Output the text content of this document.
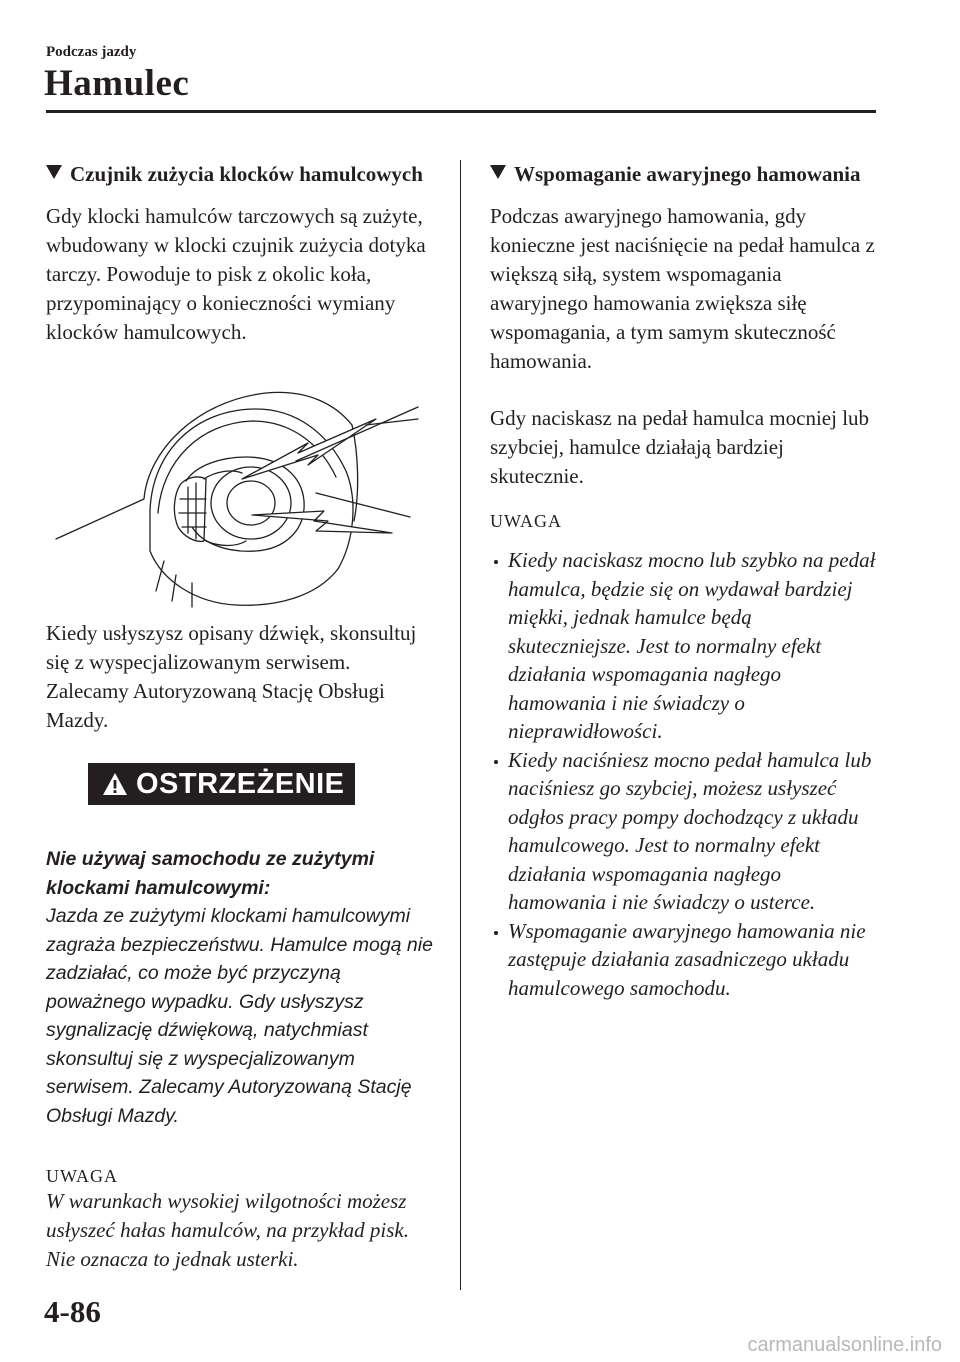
Podczas jazdy
Hamulec
Czujnik zużycia klocków hamulcowych

Gdy klocki hamulców tarczowych są zużyte, wbudowany w klocki czujnik zużycia dotyka tarczy. Powoduje to pisk z okolic koła, przypominający o konieczności wymiany klocków hamulcowych.

Kiedy usłyszysz opisany dźwięk, skonsultuj się z wyspecjalizowanym serwisem. Zalecamy Autoryzowaną Stację Obsługi Mazdy.

OSTRZEŻENIE

Nie używaj samochodu ze zużytymi klockami hamulcowymi:

Jazda ze zużytymi klockami hamulcowymi zagraża bezpieczeństwu. Hamulce mogą nie zadziałać, co może być przyczyną poważnego wypadku. Gdy usłyszysz sygnalizację dźwiękową, natychmiast skonsultuj się z wyspecjalizowanym serwisem. Zalecamy Autoryzowaną Stację Obsługi Mazdy.

UWAGA

W warunkach wysokiej wilgotności możesz usłyszeć hałas hamulców, na przykład pisk. Nie oznacza to jednak usterki.

Wspomaganie awaryjnego hamowania

Podczas awaryjnego hamowania, gdy konieczne jest naciśnięcie na pedał hamulca z większą siłą, system wspomagania awaryjnego hamowania zwiększa siłę wspomagania, a tym samym skuteczność hamowania.

Gdy naciskasz na pedał hamulca mocniej lub szybciej, hamulce działają bardziej skutecznie.

UWAGA

Kiedy naciskasz mocno lub szybko na pedał hamulca, będzie się on wydawał bardziej miękki, jednak hamulce będą skuteczniejsze. Jest to normalny efekt działania wspomagania nagłego hamowania i nie świadczy o nieprawidłowości.
Kiedy naciśniesz mocno pedał hamulca lub naciśniesz go szybciej, możesz usłyszeć odgłos pracy pompy dochodzący z układu hamulcowego. Jest to normalny efekt działania wspomagania nagłego hamowania i nie świadczy o usterce.
Wspomaganie awaryjnego hamowania nie zastępuje działania zasadniczego układu hamulcowego samochodu.
4-86
carmanualsonline.info
